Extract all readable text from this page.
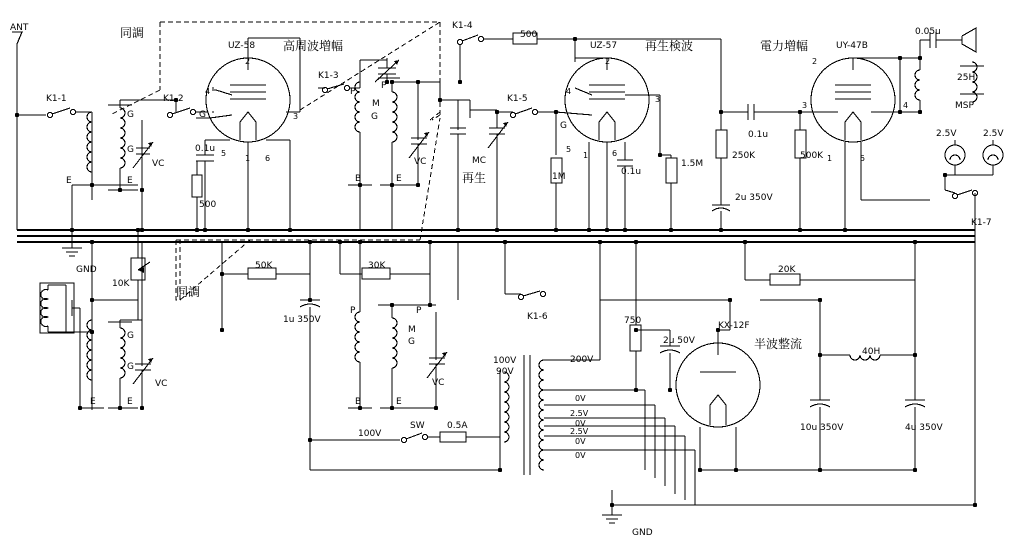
ANT
K1-1	K1-2
K1-3
K1-4
K1-5
K1-6
K1-7
同調
同調
UZ-58 高周波増幅	UZ-57 再生検波	電力増幅	UY-47B
KX-12F
半波整流
再生
MSP
GND
GND
VC
VC
VC
VC
MC
500
0.1u
10K
50K	30K
1u 350V
500
1M	0.1u
1.5M
250K
2u 350V
0.1u
500K
0.05u
25H
2.5V	2.5V
20K
750
2u 50V
40H
10u 350V	4u 350V
200V
100V
90V
0V
2.5V
0V
2.5V
0V
0V
100V
SW 0.5A
P
P
M
G
B	E
P	P
M
G
B	E
G
G
E	E
G
G
E	E
G
G
2
4
3
5
1 6
2
4
3
5
1	6
2
3	4
1	5
